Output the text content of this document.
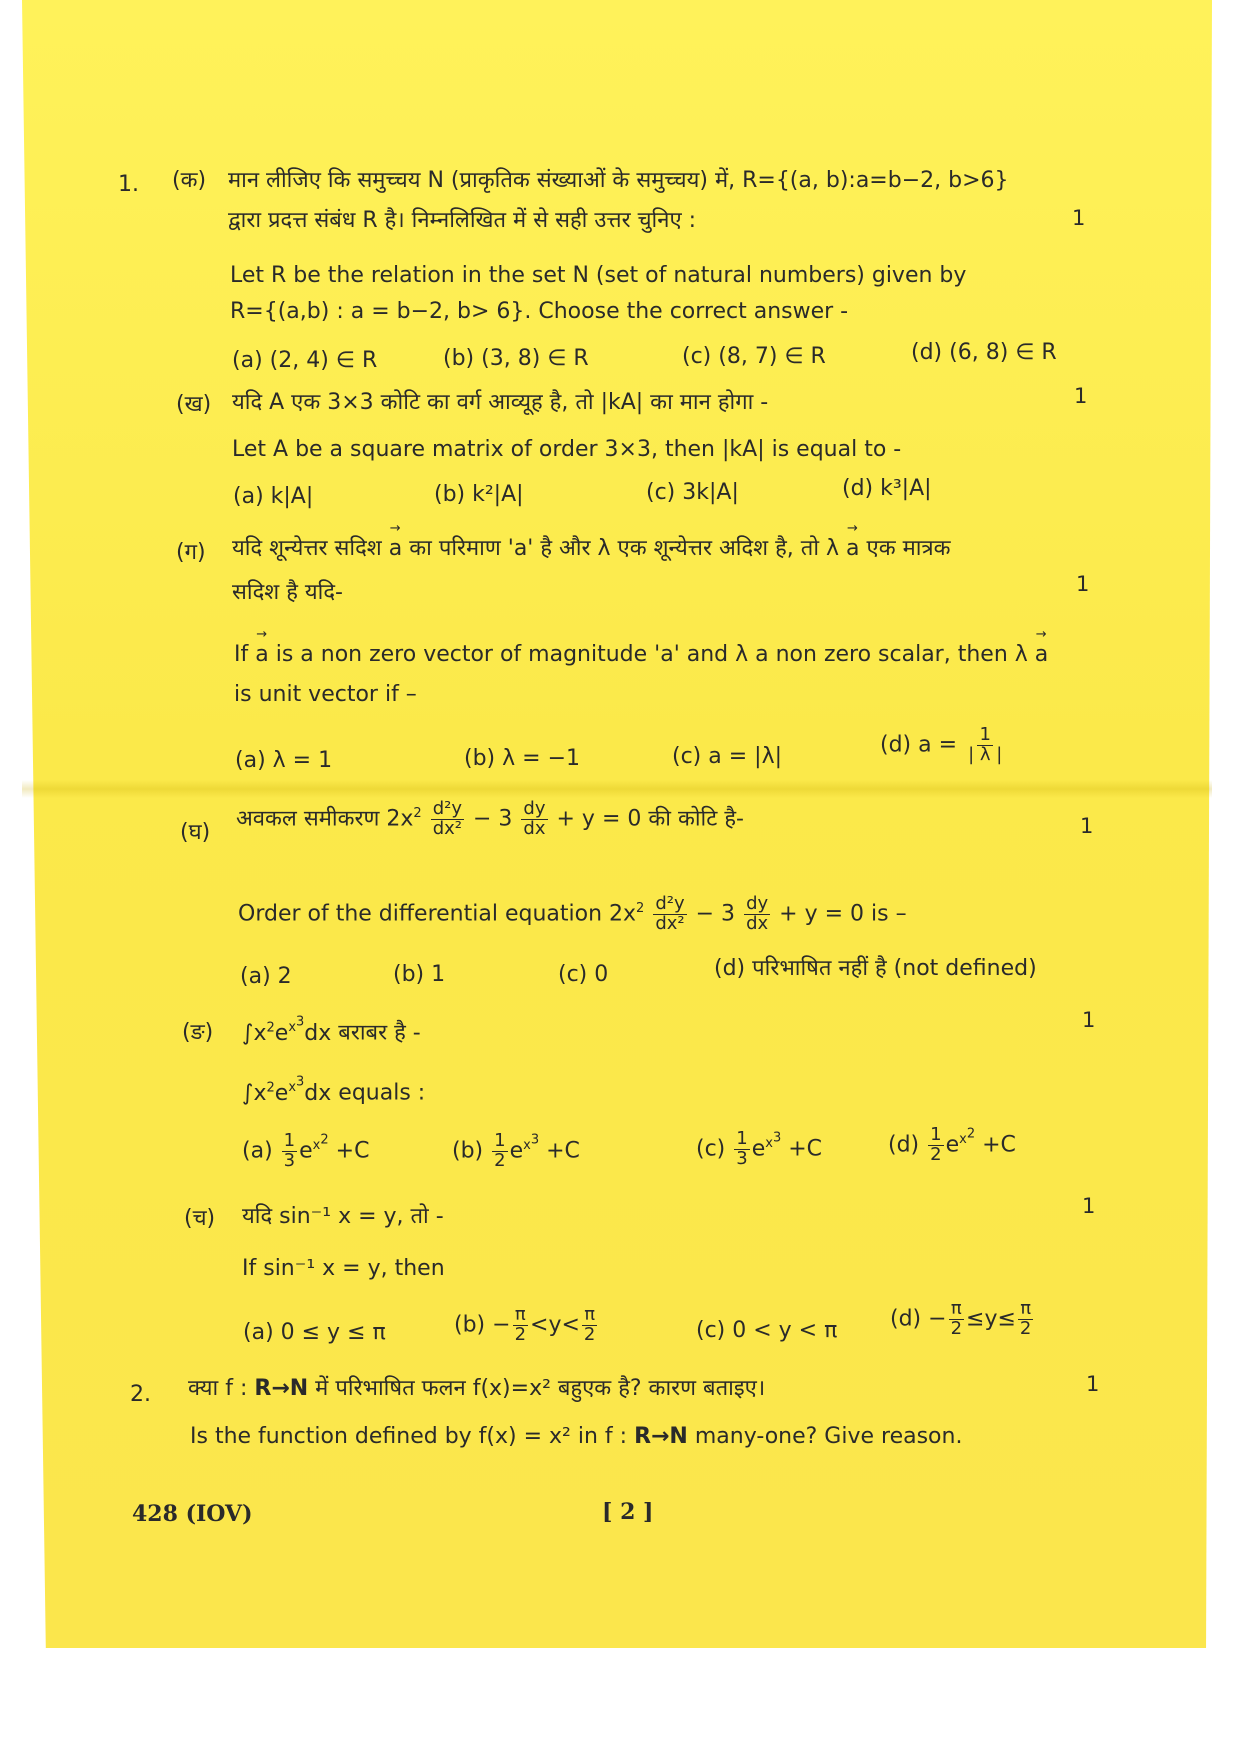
1. (क) मान लीजिए कि समुच्चय N (प्राकृतिक संख्याओं के समुच्चय) में, R={(a, b):a=b−2, b>6}
द्वारा प्रदत्त संबंध R है। निम्नलिखित में से सही उत्तर चुनिए :	1
Let R be the relation in the set N (set of natural numbers) given by
R={(a,b) : a = b−2, b> 6}. Choose the correct answer -
(a) (2, 4) ∈ R	(b) (3, 8) ∈ R	(c) (8, 7) ∈ R	(d) (6, 8) ∈ R
(ख) यदि A एक 3×3 कोटि का वर्ग आव्यूह है, तो |kA| का मान होगा -	1
Let A be a square matrix of order 3×3, then |kA| is equal to -
(a) k|A|	(b) k²|A|	(c) 3k|A|	(d) k³|A|
(ग) यदि शून्येत्तर सदिश → a का परिमाण 'a' है और λ एक शून्येत्तर अदिश है, तो λ → a एक मात्रक
सदिश है यदि-	1
If → a is a non zero vector of magnitude 'a' and λ a non zero scalar, then λ → a
is unit vector if –
(a) λ = 1	(b) λ = −1	(c) a = |λ|	(d) $a = \frac{1}{| \lambda |}$
(घ)
अवकल समीकरण $2x^2 \frac{\text{d²y}}{\text{dx²}} - 3 \frac{dy}{dx} + y = 0$ की कोटि है-	1
Order of the differential equation $2x^2 \frac{\text{d²y}}{\text{dx²}} - 3 \frac{dy}{dx} + y = 0$ is –
(a) 2	(b) 1	(c) 0	(d) परिभाषित नहीं है (not defined)
(ङ) $\int x^2e^{x^3}dx$ बराबर है -
1
$\int x^2e^{x^3}dx$ equals :
$(a) \frac{1}{3} e^{x^2} +C$	$(b) \frac{1}{2} e^{x^3} +C$	$(c) \frac{1}{3} e^{x^3} +C$	$(d) \frac{1}{2} e^{x^2} +C$
(च) यदि sin⁻¹ x = y, तो -	1
If sin⁻¹ x = y, then
(a) 0 ≤ y ≤ π	$(b) - \frac{\pi}{2} <y< \frac{\pi}{2}$	(c) 0 < y < π $(d) - \frac{\pi}{2} \le y\le \frac{\pi}{2}$
2. क्या f : R→N में परिभाषित फलन f(x)=x² बहुएक है? कारण बताइए।	1
Is the function defined by f(x) = x² in f : R→N many-one? Give reason.
428 (IOV)	[ 2 ]
